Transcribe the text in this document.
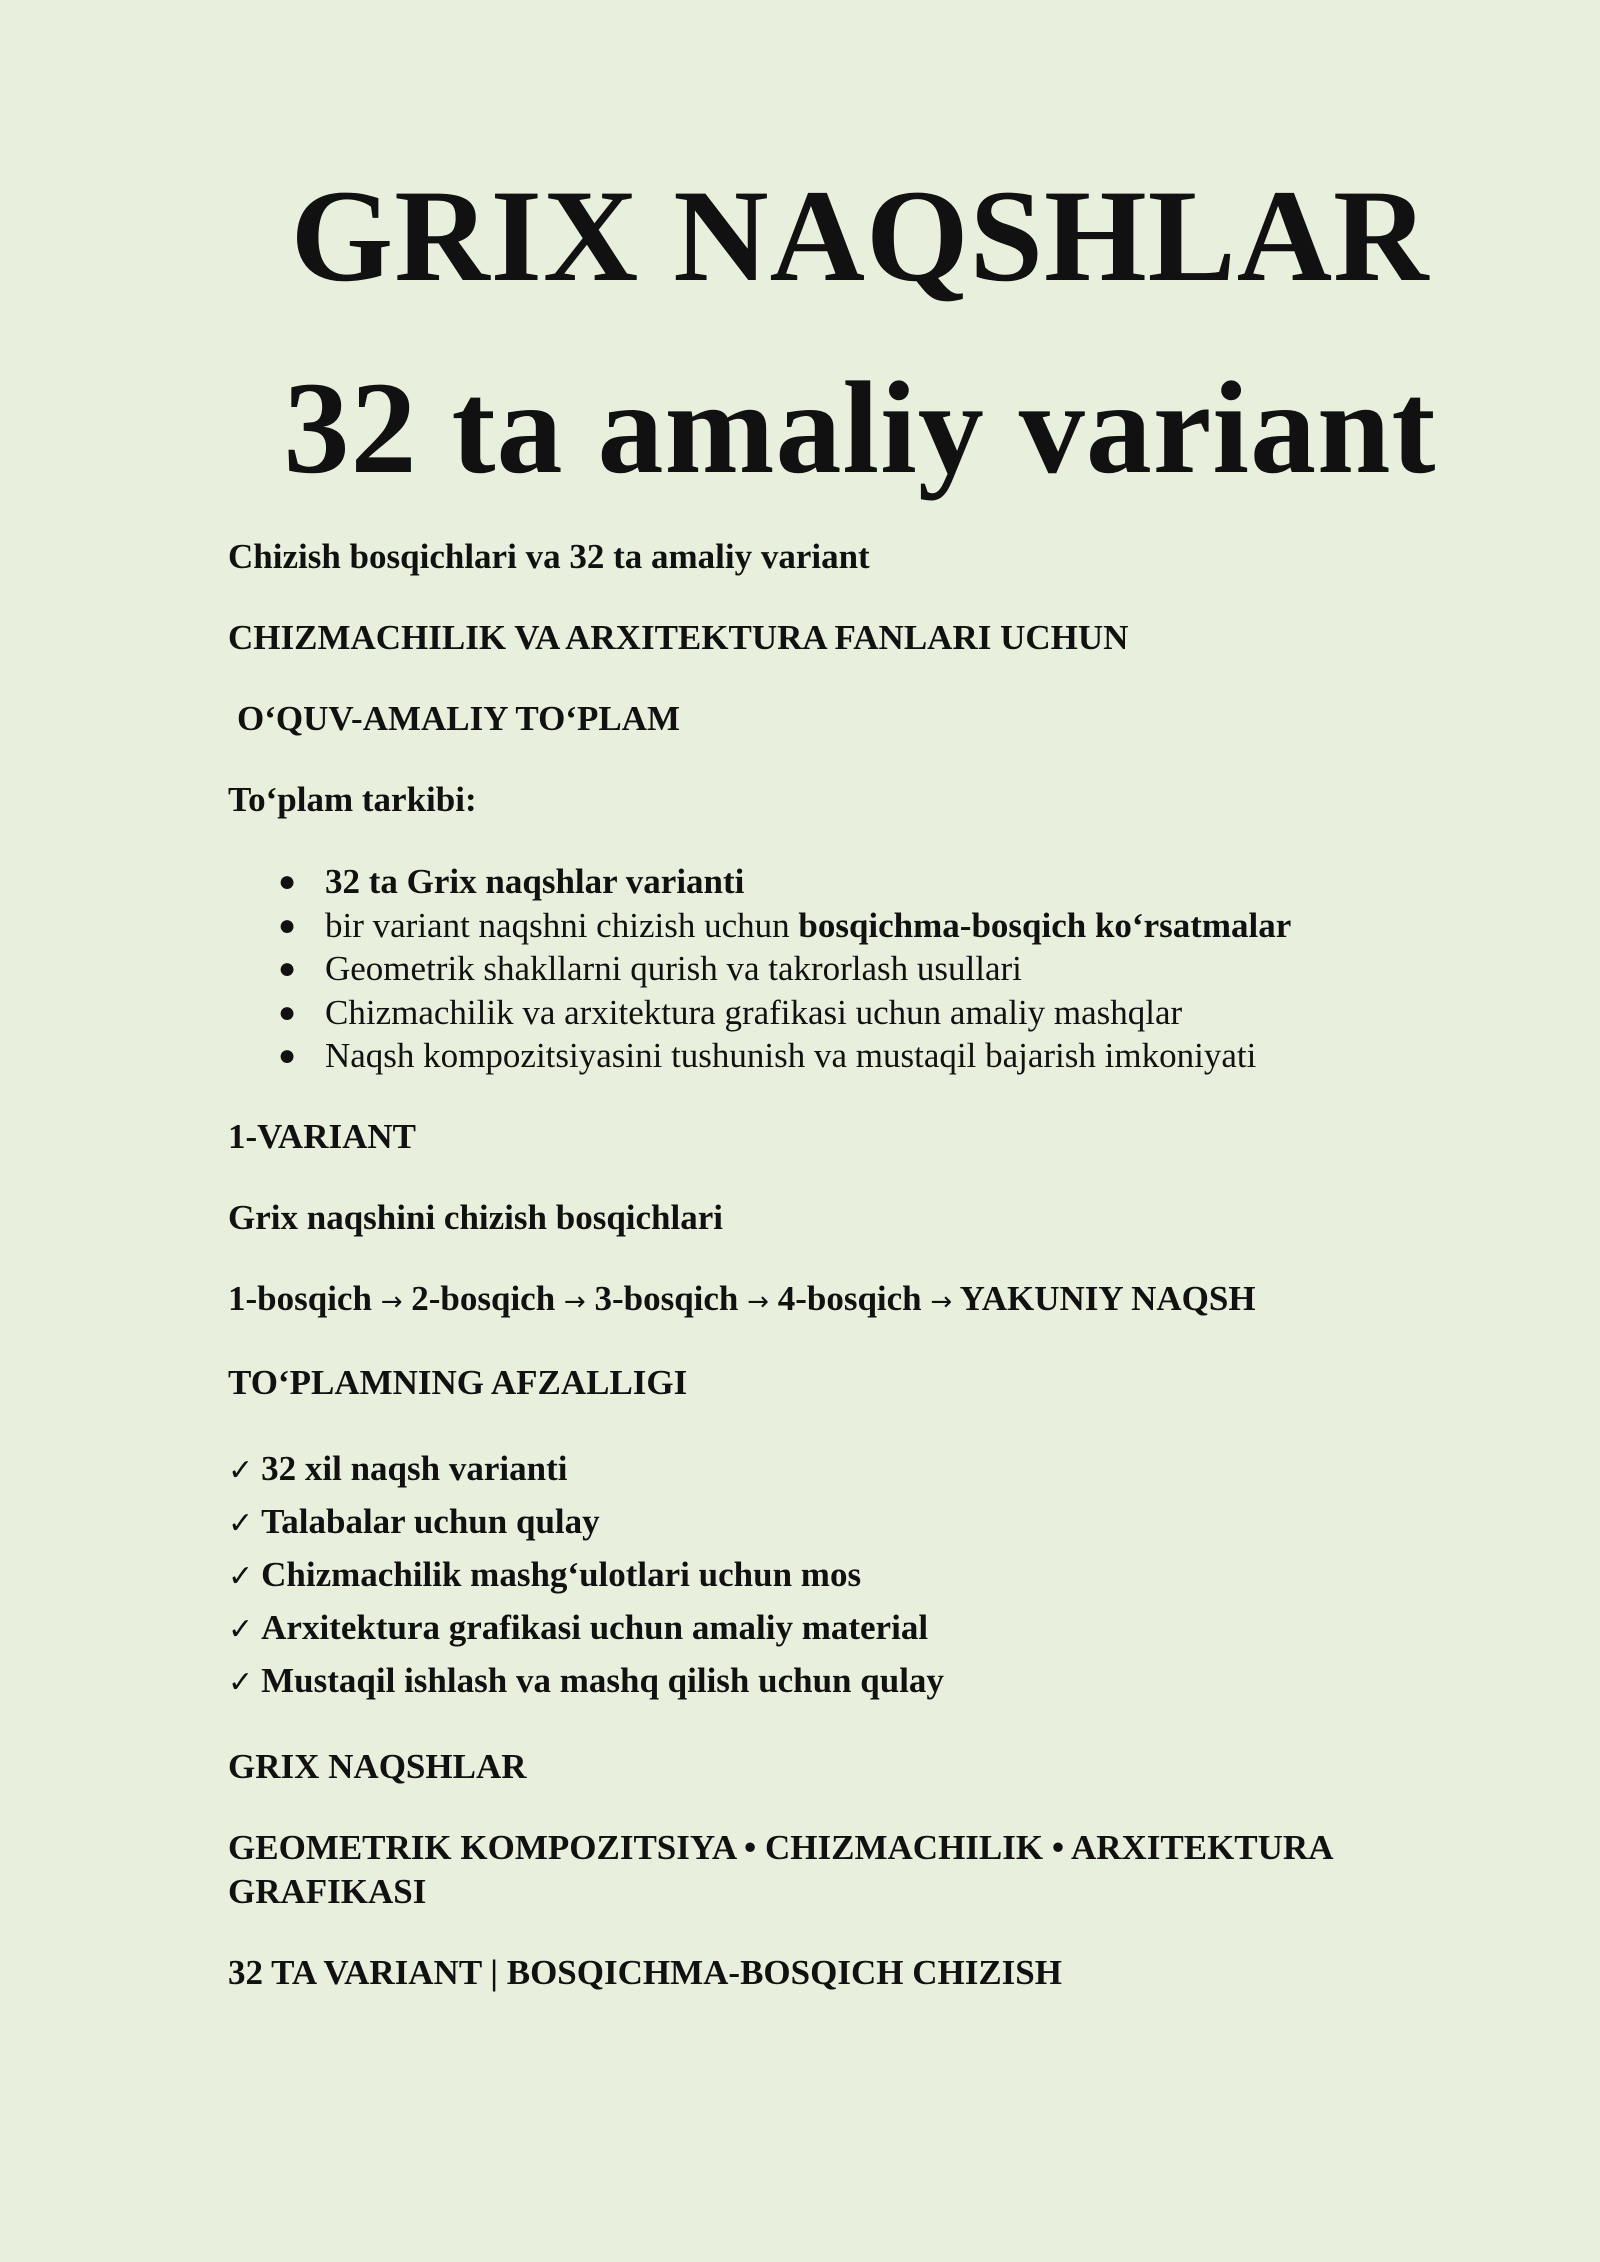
GRIX NAQSHLAR
32 ta amaliy variant

Chizish bosqichlari va 32 ta amaliy variant

CHIZMACHILIK VA ARXITEKTURA FANLARI UCHUN

O‘QUV-AMALIY TO‘PLAM

To‘plam tarkibi:

● 32 ta Grix naqshlar varianti
● bir variant naqshni chizish uchun bosqichma-bosqich ko‘rsatmalar
● Geometrik shakllarni qurish va takrorlash usullari
● Chizmachilik va arxitektura grafikasi uchun amaliy mashqlar
● Naqsh kompozitsiyasini tushunish va mustaqil bajarish imkoniyati

1-VARIANT

Grix naqshini chizish bosqichlari

1-bosqich → 2-bosqich → 3-bosqich → 4-bosqich → YAKUNIY NAQSH

TO‘PLAMNING AFZALLIGI

✓ 32 xil naqsh varianti
✓ Talabalar uchun qulay
✓ Chizmachilik mashg‘ulotlari uchun mos
✓ Arxitektura grafikasi uchun amaliy material
✓ Mustaqil ishlash va mashq qilish uchun qulay

GRIX NAQSHLAR

GEOMETRIK KOMPOZITSIYA • CHIZMACHILIK • ARXITEKTURA GRAFIKASI

32 TA VARIANT | BOSQICHMA-BOSQICH CHIZISH
